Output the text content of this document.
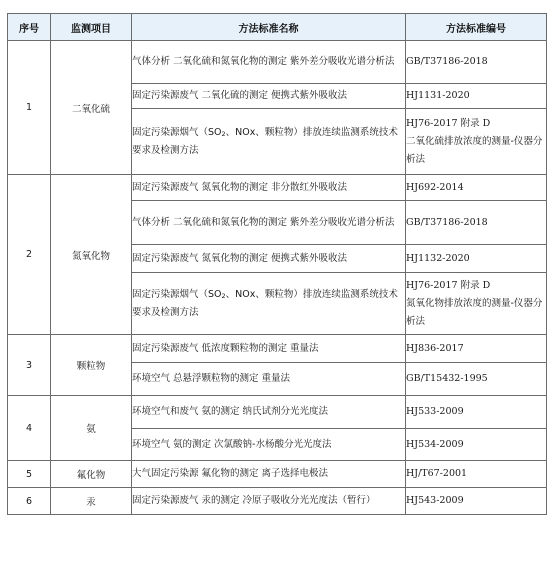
序号	监测项目	方法标准名称	方法标准编号
1	二氧化硫	气体分析 二氧化硫和氮氧化物的测定 紫外差分吸收光谱分析法	GB/T37186-2018
		固定污染源废气 二氧化硫的测定 便携式紫外吸收法	HJ1131-2020
		固定污染源烟气（$SO_2$、NOx、颗粒物）排放连续监测系统技术要求及检测方法	HJ76-2017 附录 D
二氧化硫排放浓度的测量-仪器分析法

2	氮氧化物	固定污染源废气 氮氧化物的测定 非分散红外吸收法	HJ692-2014
		气体分析 二氧化硫和氮氧化物的测定 紫外差分吸收光谱分析法	GB/T37186-2018
		固定污染源废气 氮氧化物的测定 便携式紫外吸收法	HJ1132-2020
		固定污染源烟气（$SO_2$、NOx、颗粒物）排放连续监测系统技术要求及检测方法	HJ76-2017 附录 D
氮氧化物排放浓度的测量-仪器分析法

3	颗粒物	固定污染源废气 低浓度颗粒物的测定 重量法	HJ836-2017
		环境空气 总悬浮颗粒物的测定 重量法	GB/T15432-1995
4	氨	环境空气和废气 氨的测定 纳氏试剂分光光度法	HJ533-2009
		环境空气 氨的测定 次氯酸钠-水杨酸分光光度法	HJ534-2009
5	氟化物	大气固定污染源 氟化物的测定 离子选择电极法	HJ/T67-2001
6	汞	固定污染源废气 汞的测定 冷原子吸收分光光度法（暂行）	HJ543-2009
